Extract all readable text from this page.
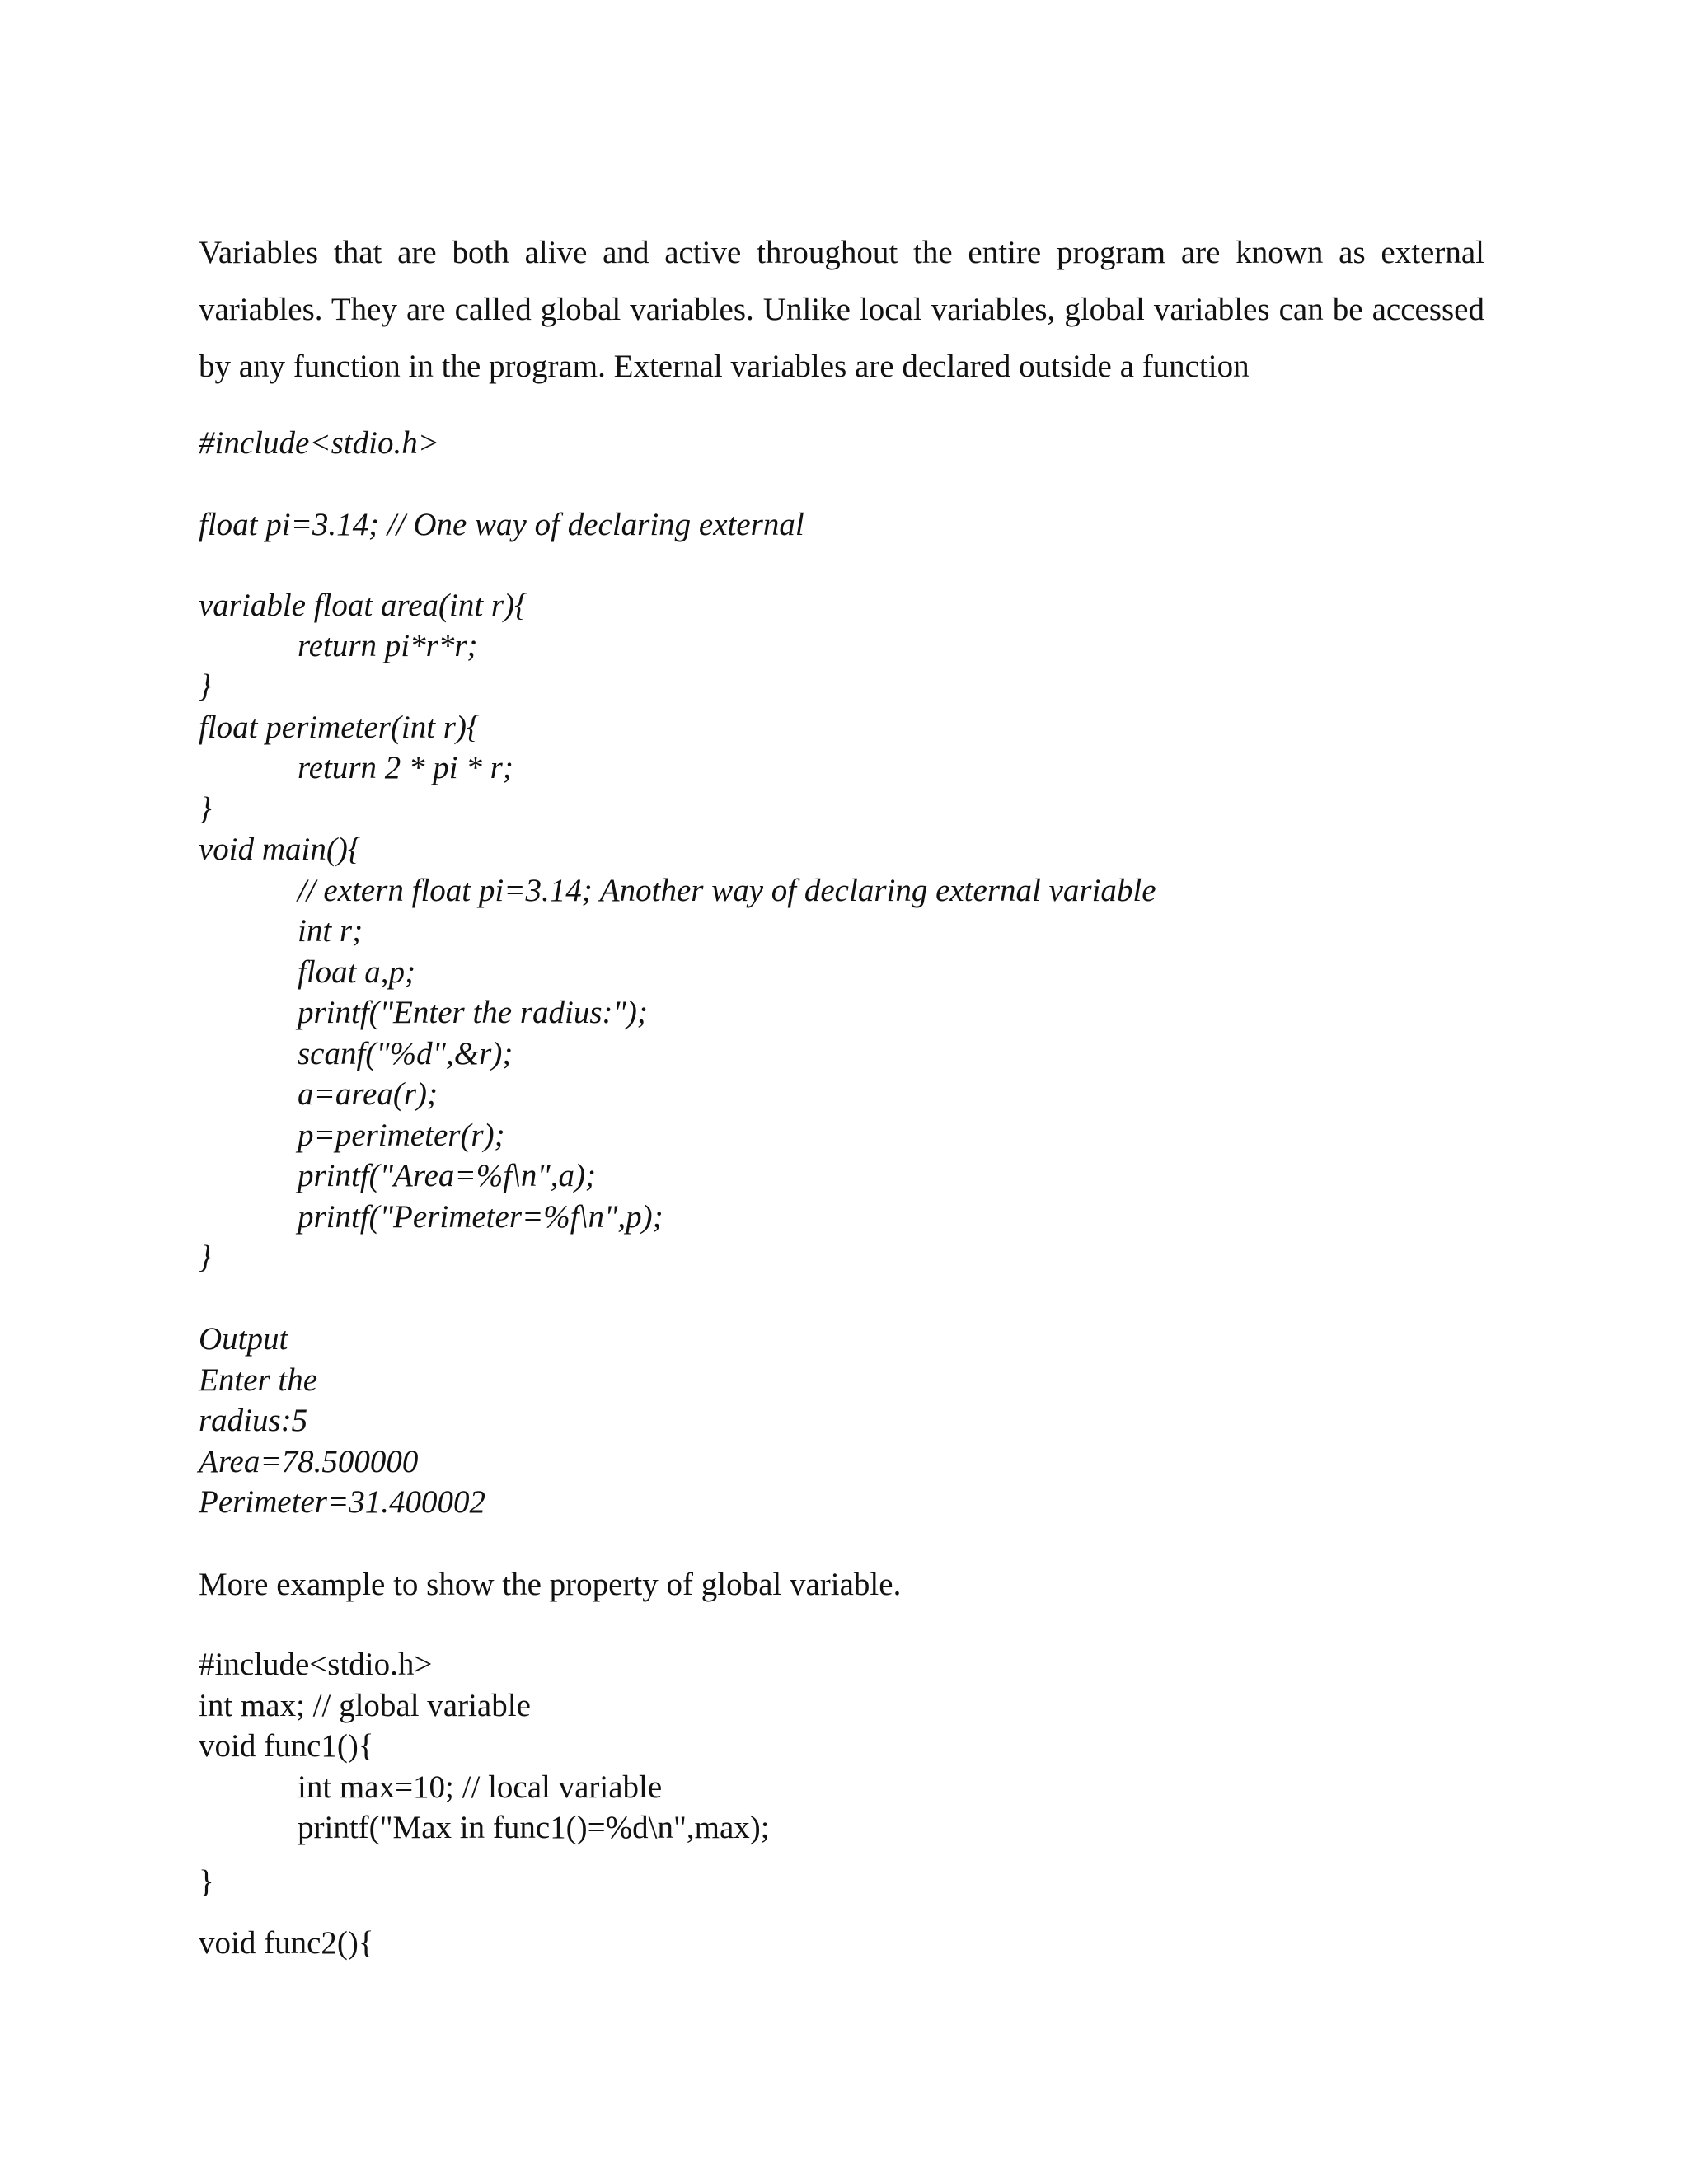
Variables that are both alive and active throughout the entire program are known as external variables. They are called global variables. Unlike local variables, global variables can be accessed by any function in the program. External variables are declared outside a function

#include<stdio.h>
float pi=3.14; // One way of declaring external
variable float area(int r){
return pi*r*r;
}
float perimeter(int r){
return 2 * pi * r;
}
void main(){
// extern float pi=3.14; Another way of declaring external variable
int r;
float a,p;
printf("Enter the radius:");
scanf("%d",&r);
a=area(r);
p=perimeter(r);
printf("Area=%f\n",a);
printf("Perimeter=%f\n",p);
}
Output
Enter the
radius:5
Area=78.500000
Perimeter=31.400002
More example to show the property of global variable.
#include<stdio.h>
int max; // global variable
void func1(){
int max=10; // local variable
printf("Max in func1()=%d\n",max);
}
void func2(){
